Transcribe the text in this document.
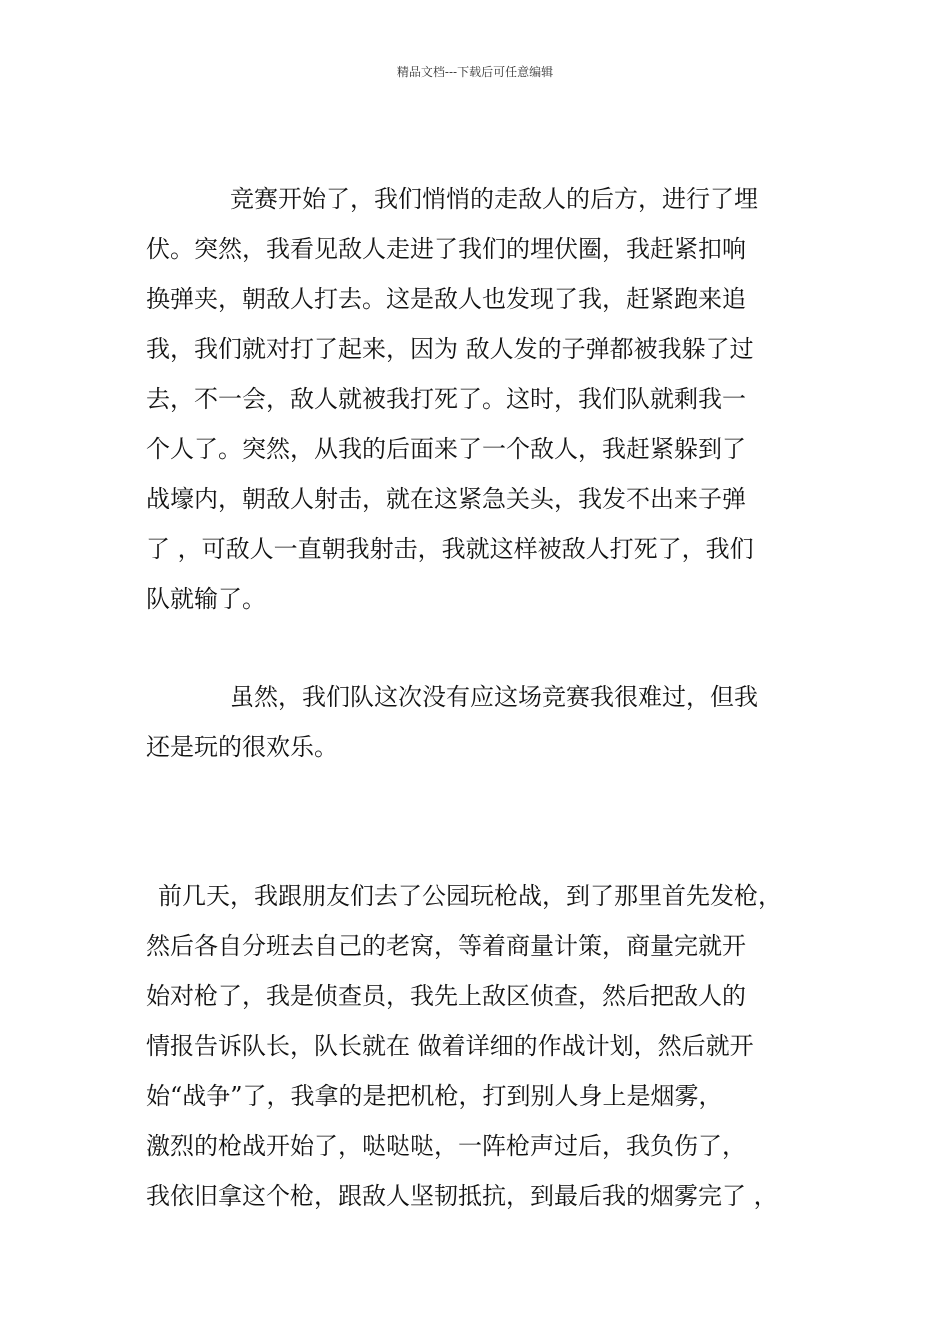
精品文档---下载后可任意编辑
竞赛开始了，我们悄悄的走敌人的后方，进行了埋
伏。突然，我看见敌人走进了我们的埋伏圈，我赶紧扣响
换弹夹，朝敌人打去。这是敌人也发现了我，赶紧跑来追
我，我们就对打了起来，因为 敌人发的子弹都被我躲了过
去，不一会，敌人就被我打死了。这时，我们队就剩我一
个人了。突然，从我的后面来了一个敌人，我赶紧躲到了
战壕内，朝敌人射击，就在这紧急关头，我发不出来子弹
了 ，可敌人一直朝我射击，我就这样被敌人打死了，我们
队就输了。
虽然，我们队这次没有应这场竞赛我很难过，但我
还是玩的很欢乐。
前几天，我跟朋友们去了公园玩枪战，到了那里首先发枪，
然后各自分班去自己的老窝，等着商量计策，商量完就开
始对枪了，我是侦查员，我先上敌区侦查，然后把敌人的
情报告诉队长，队长就在 做着详细的作战计划，然后就开
始“战争”了，我拿的是把机枪，打到别人身上是烟雾，
激烈的枪战开始了，哒哒哒，一阵枪声过后，我负伤了，
我依旧拿这个枪，跟敌人坚韧抵抗，到最后我的烟雾完了 ，
